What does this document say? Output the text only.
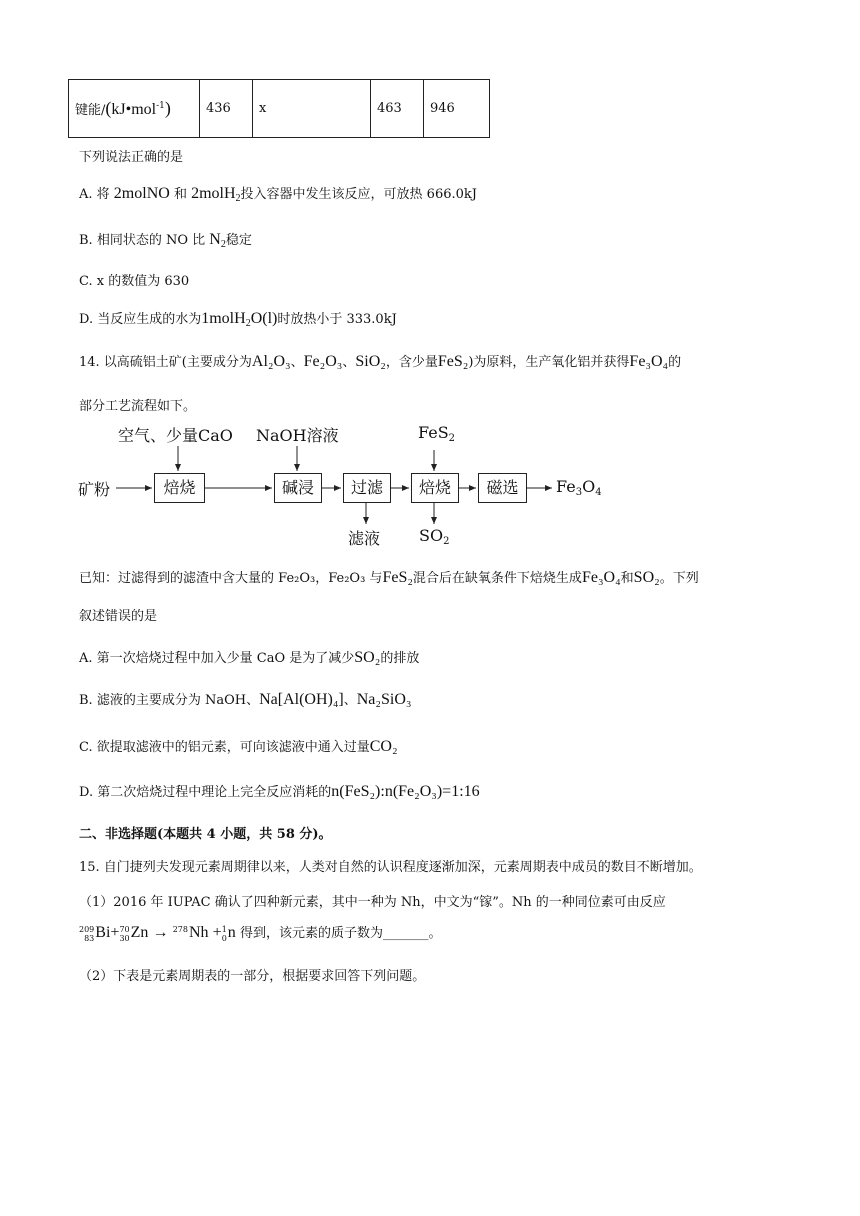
键能/(kJ•mol$^{-1}$)	436	x	463	946
下列说法正确的是
A. 将 2molNO 和 2molH$_2$投入容器中发生该反应，可放热 666.0kJ
B. 相同状态的 NO 比 $N_2$稳定
C. x 的数值为 630
D. 当反应生成的水为1molH$_2$O(l)时放热小于 333.0kJ
14. 以高硫铝土矿(主要成分为Al₂O₃、Fe₂O₃、SiO₂，含少量FeS₂)为原料，生产氧化铝并获得Fe₃O₄的
部分工艺流程如下。
矿粉
空气、少量CaO NaOH溶液	FeS$_2$
焙烧	碱浸	过滤	焙烧	磁选	$Fe_3O_4$
滤液 $SO_2$
已知：过滤得到的滤渣中含大量的 Fe₂O₃，Fe₂O₃ 与FeS₂混合后在缺氧条件下焙烧生成Fe₃O₄和SO₂。下列
叙述错误的是
A. 第一次焙烧过程中加入少量 CaO 是为了减少SO₂的排放
B. 滤液的主要成分为 NaOH、Na[Al(OH)₄]、Na₂SiO₃
C. 欲提取滤液中的铝元素，可向该滤液中通入过量CO₂
D. 第二次焙烧过程中理论上完全反应消耗的n(FeS₂):n(Fe₂O₃)=1:16
二、非选择题(本题共 4 小题，共 58 分)。
15. 自门捷列夫发现元素周期律以来，人类对自然的认识程度逐渐加深，元素周期表中成员的数目不断增加。
（1）2016 年 IUPAC 确认了四种新元素，其中一种为 Nh，中文为“镓”。Nh 的一种同位素可由反应
209
83Bi+70
30Zn → 278
Nh +1
0n 得到，该元素的质子数为_______。
（2）下表是元素周期表的一部分，根据要求回答下列问题。
